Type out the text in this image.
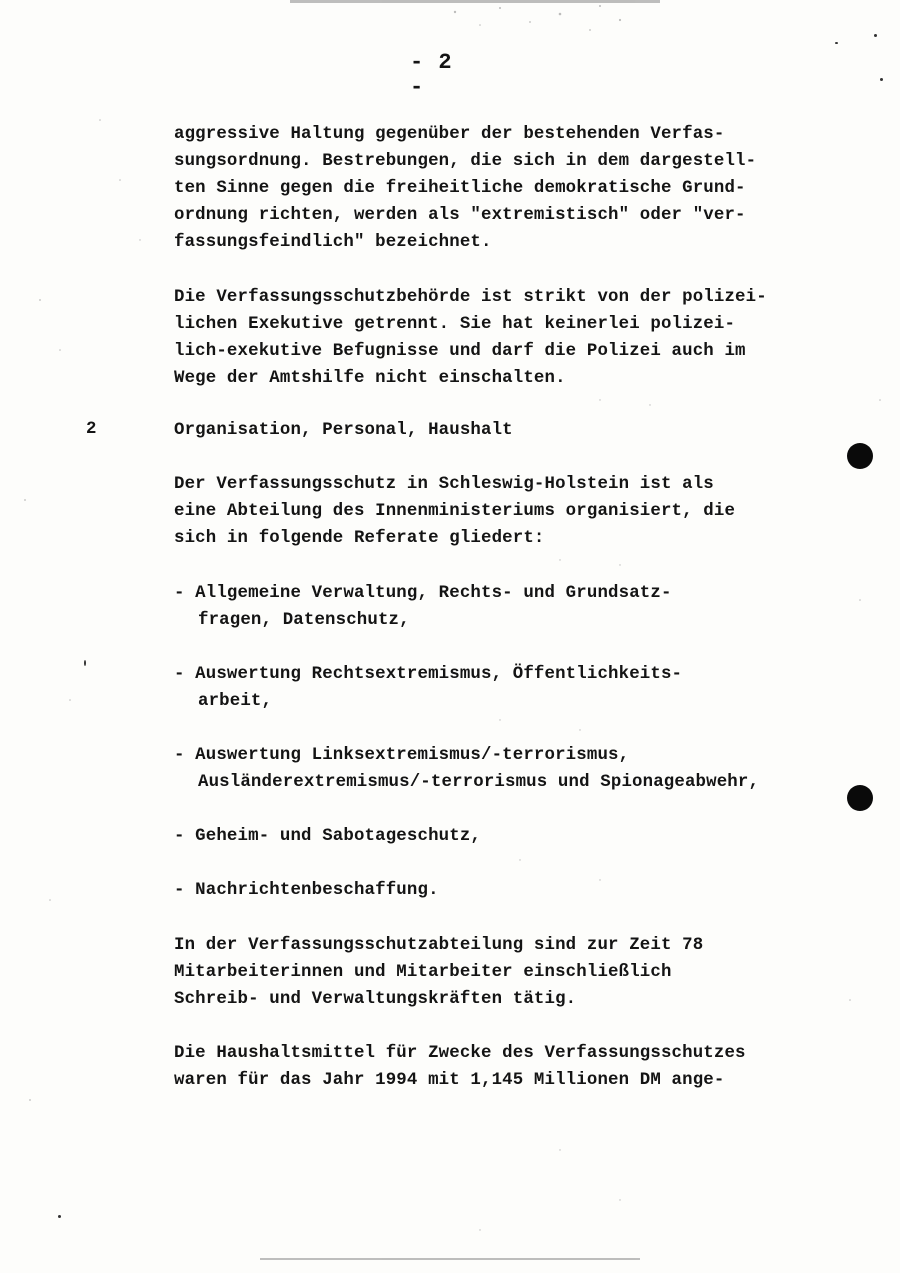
- 2 -
aggressive Haltung gegenüber der bestehenden Verfas-
sungsordnung. Bestrebungen, die sich in dem dargestell-
ten Sinne gegen die freiheitliche demokratische Grund-
ordnung richten, werden als "extremistisch" oder "ver-
fassungsfeindlich" bezeichnet.
Die Verfassungsschutzbehörde ist strikt von der polizei-
lichen Exekutive getrennt. Sie hat keinerlei polizei-
lich-exekutive Befugnisse und darf die Polizei auch im
Wege der Amtshilfe nicht einschalten.
2	Organisation, Personal, Haushalt
Der Verfassungsschutz in Schleswig-Holstein ist als
eine Abteilung des Innenministeriums organisiert, die
sich in folgende Referate gliedert:
- Allgemeine Verwaltung, Rechts- und Grundsatz-
fragen, Datenschutz,
- Auswertung Rechtsextremismus, Öffentlichkeits-
arbeit,
- Auswertung Linksextremismus/-terrorismus,
Ausländerextremismus/-terrorismus und Spionageabwehr,
- Geheim- und Sabotageschutz,
- Nachrichtenbeschaffung.
In der Verfassungsschutzabteilung sind zur Zeit 78
Mitarbeiterinnen und Mitarbeiter einschließlich
Schreib- und Verwaltungskräften tätig.
Die Haushaltsmittel für Zwecke des Verfassungsschutzes
waren für das Jahr 1994 mit 1,145 Millionen DM ange-
